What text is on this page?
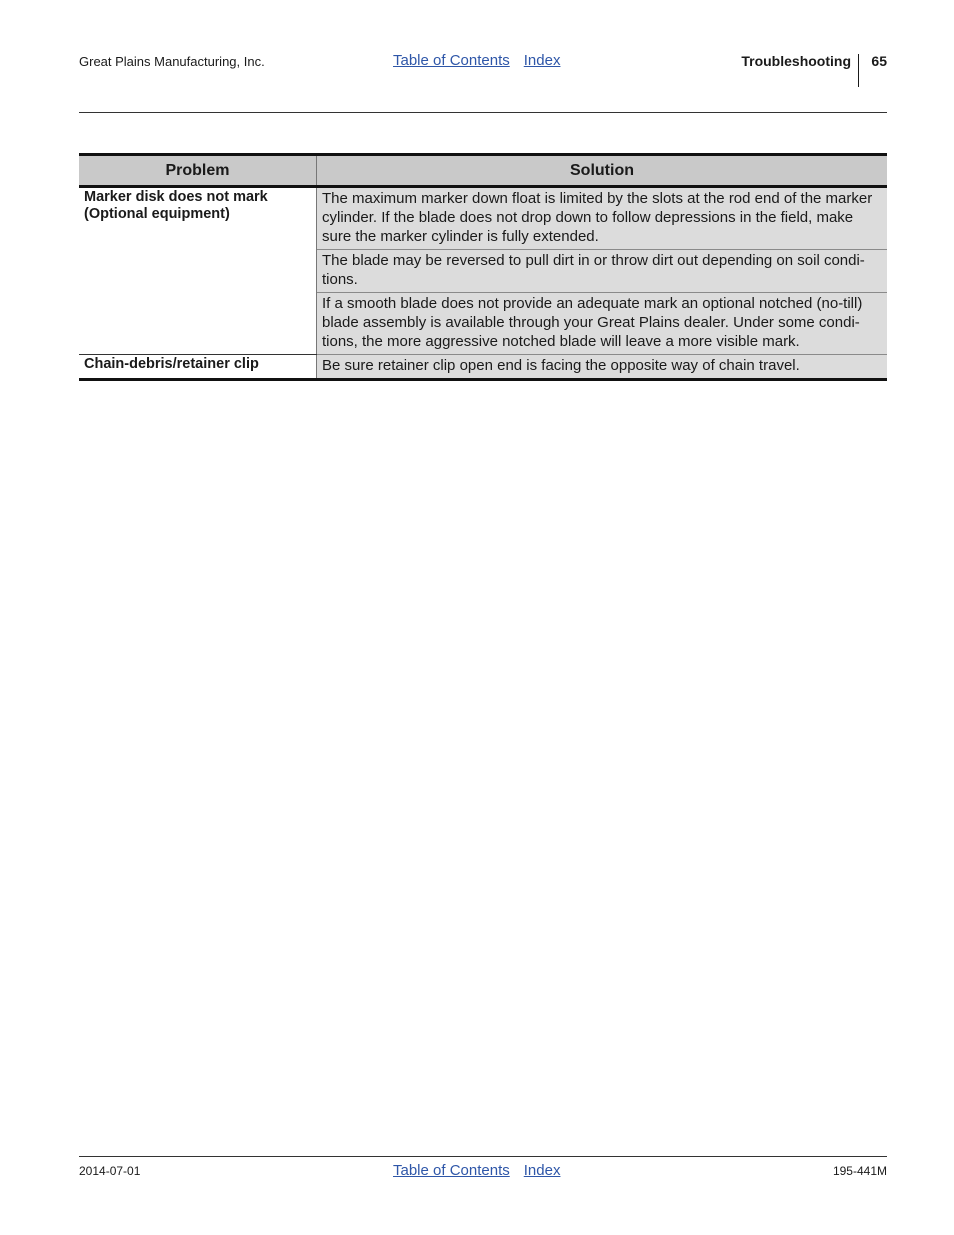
Great Plains Manufacturing, Inc.	Table of Contents Index	Troubleshooting 65
Problem	Solution
Marker disk does not mark (Optional equipment)	The maximum marker down float is limited by the slots at the rod end of the marker cylinder. If the blade does not drop down to follow depressions in the field, make sure the marker cylinder is fully extended.
	The blade may be reversed to pull dirt in or throw dirt out depending on soil condi-tions.
	If a smooth blade does not provide an adequate mark an optional notched (no-till) blade assembly is available through your Great Plains dealer. Under some condi-tions, the more aggressive notched blade will leave a more visible mark.
Chain-debris/retainer clip	Be sure retainer clip open end is facing the opposite way of chain travel.
2014-07-01	Table of Contents Index	195-441M
